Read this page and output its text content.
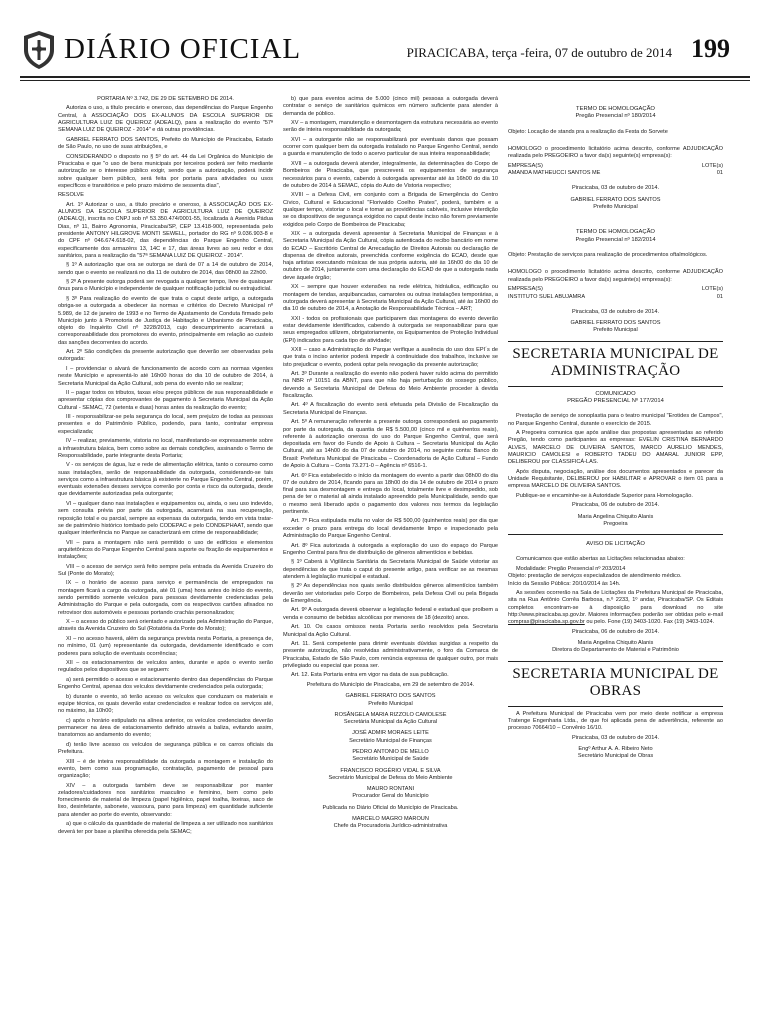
DIÁRIO OFICIAL	PIRACICABA, terça -feira, 07 de outubro de 2014 199

PORTARIA Nº 3.742, DE 29 DE SETEMBRO DE 2014.

Autoriza o uso, a título precário e oneroso, das dependências do Parque Engenho Central, à ASSOCIAÇÃO DOS EX-ALUNOS DA ESCOLA SUPERIOR DE AGRICULTURA LUIZ DE QUEIROZ (ADEALQ), para a realização do evento "57ª SEMANA LUIZ DE QUEIROZ - 2014" e dá outras providências.

GABRIEL FERRATO DOS SANTOS, Prefeito do Município de Piracicaba, Estado de São Paulo, no uso de suas atribuições, e

CONSIDERANDO o disposto no § 5º do art. 44 da Lei Orgânica do Município de Piracicaba e que "o uso de bens municipais por terceiros poderá ser feito mediante autorização se o interesse público exigir, sendo que a autorização, poderá incidir sobre qualquer bem público, será feita por portaria para atividades ou usos específicos e transitórios e pelo prazo máximo de sessenta dias",

RESOLVE

Art. 1º Autorizar o uso, a título precário e oneroso, à ASSOCIAÇÃO DOS EX-ALUNOS DA ESCOLA SUPERIOR DE AGRICULTURA LUIZ DE QUEIROZ (ADEALQ), inscrita no CNPJ sob nº 53.350.474/0001-55, localizada à Avenida Pádua Dias, nº 11, Bairro Agronomia, Piracicaba/SP, CEP 13.418-900, representada pelo presidente ANTONY HILGROVE MONTI SEWELL, portador do RG nº 9.036.903-8 e do CPF nº 046.674.618-02, das dependências do Parque Engenho Central, especificamente dos armazéns 13, 14C e 17, das áreas livres ao seu redor e dos sanitários, para a realização da "57ª SEMANA LUIZ DE QUEIROZ - 2014".

§ 1º A autorização que ora se outorga se dará de 07 a 14 de outubro de 2014, sendo que o evento se realizará no dia 11 de outubro de 2014, das 08h00 às 22h00.

§ 2º A presente outorga poderá ser revogada a qualquer tempo, livre de quaisquer ônus para o Município e independente de qualquer notificação judicial ou extrajudicial.

§ 3º Para realização do evento de que trata o caput deste artigo, a outorgada obriga-se a outorgada a obedecer às normas e critérios do Decreto Municipal nº 5.989, de 12 de janeiro de 1993 e no Termo de Ajustamento de Conduta firmado pelo Município junto à Promotoria de Justiça de Habitação e Urbanismo de Piracicaba, objeto do Inquérito Civil nº 3228/2013, cujo descumprimento acarretará a corresponsabilidade dos promotores do evento, principalmente em relação ao custeio das sanções decorrentes do acordo.

Art. 2º São condições da presente autorização que deverão ser observadas pela outorgada:

I – providenciar o alvará de funcionamento de acordo com as normas vigentes neste Município e apresentá-lo até 16h00 horas do dia 10 de outubro de 2014, à Secretaria Municipal da Ação Cultural, sob pena do evento não se realizar;

II – pagar todos os tributos, taxas e/ou preços públicos de sua responsabilidade e apresentar cópias dos comprovantes de pagamento à Secretaria Municipal da Ação Cultural - SEMAC, 72 (setenta e duas) horas antes da realização do evento;

III - responsabilizar-se pela segurança do local, sem prejuízo de todas as pessoas presentes e do Patrimônio Público, podendo, para tanto, contratar empresa especializada;

IV – realizar, previamente, vistoria no local, manifestando-se expressamente sobre a infraestrutura básica, bem como sobre as demais condições, assinando o Termo de Responsabilidade, parte integrante desta Portaria;

V - os serviços de água, luz e rede de alimentação elétrica, tanto o consumo como suas instalações, serão de responsabilidade da outorgada, considerando-se tais serviços como a infraestrutura básica já existente no Parque Engenho Central, porém, eventuais extensões desses serviços correrão por conta e risco da outorgada, desde que devidamente autorizadas pela outorgante;

VI – qualquer dano nas instalações e equipamentos ou, ainda, o seu uso indevido, sem consulta prévia por parte da outorgada, acarretará na sua recuperação, reposição total e ou parcial, sempre as expensas da outorgada, tendo em vista tratar-se de patrimônio histórico tombado pelo CODEPAC e pelo CONDEPHAAT, sendo que qualquer interferência no Parque se caracterizará em crime de responsabilidade;

VII – para a montagem não será permitido o uso de edifícios e elementos arquitetônicos do Parque Engenho Central para suporte ou fixação de equipamentos e instalações;

VIII – o acesso de serviço será feito sempre pela entrada da Avenida Cruzeiro do Sul (Ponte do Morato);

IX – o horário de acesso para serviço e permanência de empregados na montagem ficará a cargo da outorgada, até 01 (uma) hora antes do início do evento, sendo permitido somente veículos para pessoas devidamente credenciadas pela Administração do Parque e pela outorgada, com os respectivos cartões afixados no retrovisor dos automóveis e pessoas portando crachás personalizados;

X – o acesso do público será orientado e autorizado pela Administração do Parque, através da Avenida Cruzeiro do Sul (Rotatória da Ponte do Morato);

XI – no acesso haverá, além da segurança prevista nesta Portaria, a presença de, no mínimo, 01 (um) representante da outorgada, devidamente identificado e com poderes para solução de eventuais ocorrências;

XII – os estacionamentos de veículos antes, durante e após o evento serão regulados pelos dispositivos que se seguem:

a) será permitido o acesso e estacionamento dentro das dependências do Parque Engenho Central, apenas dos veículos devidamente credenciados pela outorgada;

b) durante o evento, só terão acesso os veículos que conduzam os materiais e equipe técnica, os quais deverão estar credenciados e realizar todos os serviços até, no máximo, às 10h00;

c) após o horário estipulado na alínea anterior, os veículos credenciados deverão permanecer na área de estacionamento definido através a baliza, evitando assim, transtornos ao andamento do evento;

d) terão livre acesso os veículos de segurança pública e os carros oficiais da Prefeitura.

XIII – é de inteira responsabilidade da outorgada a montagem e instalação do evento, bem como sua programação, contratação, pagamento de pessoal para organização;

XIV – a outorgada também deve se responsabilizar por manter zeladores/cuidadores nos sanitários masculino e feminino, bem como pelo fornecimento de material de limpeza (papel higiênico, papel toalha, lixeiras, saco de lixo, desinfetante, sabonete, vassoura, pano para limpeza) em quantidade suficiente para atender ao porte do evento, observando:

a) que o cálculo da quantidade de material de limpeza a ser utilizado nos sanitários deverá ter por base a planilha oferecida pela SEMAC;

b) que para eventos acima de 5.000 (cinco mil) pessoas a outorgada deverá contratar o serviço de sanitários químicos em número suficiente para atender à demanda de público.

XV – a montagem, manutenção e desmontagem da estrutura necessária ao evento serão de inteira responsabilidade da outorgada;

XVI – a outorgante não se responsabilizará por eventuais danos que possam ocorrer com qualquer bem da outorgada instalado no Parque Engenho Central, sendo a guarda e manutenção de todo o acervo particular de sua inteira responsabilidade;

XVII – a outorgada deverá atender, integralmente, às determinações do Corpo de Bombeiros de Piracicaba, que prescreverá os equipamentos de segurança necessários para o evento, cabendo à outorgada apresentar até às 16h00 do dia 10 de outubro de 2014 à SEMAC, cópia do Auto de Vistoria respectivo;

XVIII – a Defesa Civil, em conjunto com a Brigada de Emergência do Centro Cívico, Cultural e Educacional "Florivaldo Coelho Prates", poderá, também e a qualquer tempo, vistoriar o local e tomar as providências cabíveis, inclusive interdição se os dispositivos de segurança exigidos no caput deste inciso não forem previamente exigidos pelo Corpo de Bombeiros de Piracicaba;

XIX – a outorgada deverá apresentar à Secretaria Municipal de Finanças e à Secretaria Municipal da Ação Cultural, cópia autenticada do recibo bancário em nome do ECAD – Escritório Central de Arrecadação de Direitos Autorais ou declaração de dispensa de direitos autorais, preenchida conforme exigência do ECAD, desde que haja artistas executando músicas de sua própria autoria, até às 16h00 do dia 10 de outubro de 2014, juntamente com uma declaração do ECAD de que a outorgada nada deve àquele órgão;

XX – sempre que houver extensões na rede elétrica, hidráulica, edificação ou montagem de tendas, arquibancadas, camarotes ou outras instalações temporárias, a outorgada deverá apresentar à Secretaria Municipal da Ação Cultural, até às 16h00 do dia 10 de outubro de 2014, a Anotação de Responsabilidade Técnica – ART;

XXI - todos os profissionais que participarem das montagens do evento deverão estar devidamente identificados, cabendo à outorgada se responsabilizar para que seus empregados utilizem, obrigatoriamente, os Equipamentos de Proteção Individual (EPI) indicados para cada tipo de atividade;

XXII – caso a Administração do Parque verifique a ausência do uso dos EPI´s de que trata o inciso anterior poderá impedir à continuidade dos trabalhos, inclusive se isto prejudicar o evento, poderá optar pela revogação da presente autorização;

Art. 3º Durante a realização do evento não poderá haver ruído acima do permitido na NBR nº 10151 da ABNT, para que não haja perturbação do sossego público, devendo a Secretaria Municipal de Defesa do Meio Ambiente proceder à devida fiscalização.

Art. 4º A fiscalização do evento será efetuada pela Divisão de Fiscalização da Secretaria Municipal de Finanças.

Art. 5º A remuneração referente a presente outorga corresponderá ao pagamento por parte da outorgada, da quantia de R$ 5.500,00 (cinco mil e quinhentos reais), referente à autorização onerosa do uso do Parque Engenho Central, que será depositada em favor do Fundo de Apoio à Cultura – Secretaria Municipal da Ação Cultural, até as 14h00 do dia 07 de outubro de 2014, no seguinte conta: Banco do Brasil: Prefeitura Municipal de Piracicaba – Coordenadoria de Ação Cultural – Fundo de Apoio à Cultura – Conta 73.271-0 – Agência nº 6516-1.

Art. 6º Fica estabelecido o início da montagem do evento a partir das 08h00 do dia 07 de outubro de 2014, ficando para as 18h00 do dia 14 de outubro de 2014 o prazo final para sua desmontagem e entrega do local, totalmente livre e desimpedido, sob pena de ter o material ali ainda instalado apreendido pela Municipalidade, sendo que o mesmo será liberado após o pagamento dos valores nos termos da legislação pertinente.

Art. 7º Fica estipulada multa no valor de R$ 500,00 (quinhentos reais) por dia que exceder o prazo para entrega do local devidamente limpo e inspecionado pela Administração do Parque Engenho Central.

Art. 8º Fica autorizada à outorgada a exploração do uso do espaço do Parque Engenho Central para fins de distribuição de gêneros alimentícios e bebidas.

§ 1º Caberá à Vigilância Sanitária da Secretaria Municipal de Saúde vistoriar as dependências de que trata o caput do presente artigo, para verificar se as mesmas atendem à legislação municipal e estadual.

§ 2º As dependências nos quais serão distribuídos gêneros alimentícios também deverão ser vistoriadas pelo Corpo de Bombeiros, pela Defesa Civil ou pela Brigada de Emergência.

Art. 9º A outorgada deverá observar a legislação federal e estadual que proíbem a venda e consumo de bebidas alcoólicas por menores de 18 (dezoito) anos.

Art. 10. Os casos omissos nesta Portaria serão resolvidos pela Secretaria Municipal da Ação Cultural.

Art. 11. Será competente para dirimir eventuais dúvidas surgidas a respeito da presente autorização, não resolvidas administrativamente, o foro da Comarca de Piracicaba, Estado de São Paulo, com renúncia expressa de qualquer outro, por mais privilegiado ou especial que possa ser.

Art. 12. Esta Portaria entra em vigor na data de sua publicação.

Prefeitura do Município de Piracicaba, em 29 de setembro de 2014.

GABRIEL FERRATO DOS SANTOS

Prefeito Municipal

ROSÂNGELA MARIA RIZZOLO CAMOLESE

Secretária Municipal da Ação Cultural

JOSÉ ADMIR MORAES LEITE

Secretário Municipal de Finanças

PEDRO ANTONIO DE MELLO

Secretário Municipal de Saúde

FRANCISCO ROGÉRIO VIDAL E SILVA

Secretário Municipal de Defesa do Meio Ambiente

MAURO RONTANI

Procurador Geral do Município

Publicada no Diário Oficial do Município de Piracicaba.

MARCELO MAGRO MAROUN

Chefe da Procuradoria Jurídico-administrativa

TERMO DE HOMOLOGAÇÃO
Pregão Presencial nº 180/2014

Objeto: Locação de stands pra a realização da Festa do Sorvete

HOMOLOGO o procedimento licitatório acima descrito, conforme ADJUDICAÇÃO realizada pelo PREGOEIRO a favor da(s) seguinte(s) empresa(s):

EMPRESA(S)	LOTE(s)
AMANDA MATHEUCCI SANTOS ME	01

Piracicaba, 03 de outubro de 2014.

GABRIEL FERRATO DOS SANTOS

Prefeito Municipal

TERMO DE HOMOLOGAÇÃO
Pregão Presencial nº 182/2014

Objeto: Prestação de serviços para realização de procedimentos oftalmológicos.

HOMOLOGO o procedimento licitatório acima descrito, conforme ADJUDICAÇÃO realizada pelo PREGOEIRO a favor da(s) seguinte(s) empresa(s):

EMPRESA(S)	LOTE(s)
INSTITUTO SUEL ABUJAMRA	01

Piracicaba, 03 de outubro de 2014.

GABRIEL FERRATO DOS SANTOS

Prefeito Municipal

SECRETARIA MUNICIPAL DE ADMINISTRAÇÃO
COMUNICADO
PREGÃO PRESENCIAL Nº 177/2014

Prestação de serviço de sonoplastia para o teatro municipal "Erotides de Campos", no Parque Engenho Central, durante o exercício de 2015.

A Pregoeira comunica que após análise das propostas apresentadas ao referido Pregão, tendo como participantes as empresas: EVELIN CRISTINA BERNARDO ALVES, MARCELO DE OLIVEIRA SANTOS, MARCO AURELIO MENDES, MAURICIO CAMOLESI e ROBERTO TADEU DO AMARAL JUNIOR EPP, DELIBEROU por CLASSIFICÁ-LAS.

Após disputa, negociação, análise dos documentos apresentados e parecer da Unidade Requisitante, DELIBEROU por HABILITAR e APROVAR o item 01 para a empresa MARCELO DE OLIVEIRA SANTOS.

Publique-se e encaminhe-se à Autoridade Superior para Homologação.

Piracicaba, 06 de outubro de 2014.

Maria Angelina Chiquito Alanis

Pregoeira

AVISO DE LICITAÇÃO

Comunicamos que estão abertas as Licitações relacionadas abaixo:

Modalidade: Pregão Presencial nº 203/2014
Objeto: prestação de serviços especializados de atendimento médico.
Início da Sessão Pública: 20/10/2014 às 14h.

As sessões ocorrerão na Sala de Licitações da Prefeitura Municipal de Piracicaba, sita na Rua Antônio Corrêa Barbosa, n.º 2233, 1º andar, Piracicaba/SP. Os Editais completos encontram-se à disposição para download no site http://www.piracicaba.sp.gov.br. Maiores informações poderão ser obtidas pelo e-mail compras@piracicaba.sp.gov.br ou pelo. Fone (19) 3403-1020. Fax (19) 3403-1024.

Piracicaba, 06 de outubro de 2014.

Maria Angelina Chiquito Alanis

Diretora do Departamento de Material e Patrimônio

SECRETARIA MUNICIPAL DE OBRAS

A Prefeitura Municipal de Piracicaba vem por meio deste notificar a empresa Tratenge Engenharia Ltda., de que foi aplicada pena de advertência, referente ao processo 70664/10 – Convênio 16/10.

Piracicaba, 03 de outubro de 2014.

Engº Arthur A. A. Ribeiro Neto

Secretário Municipal de Obras
